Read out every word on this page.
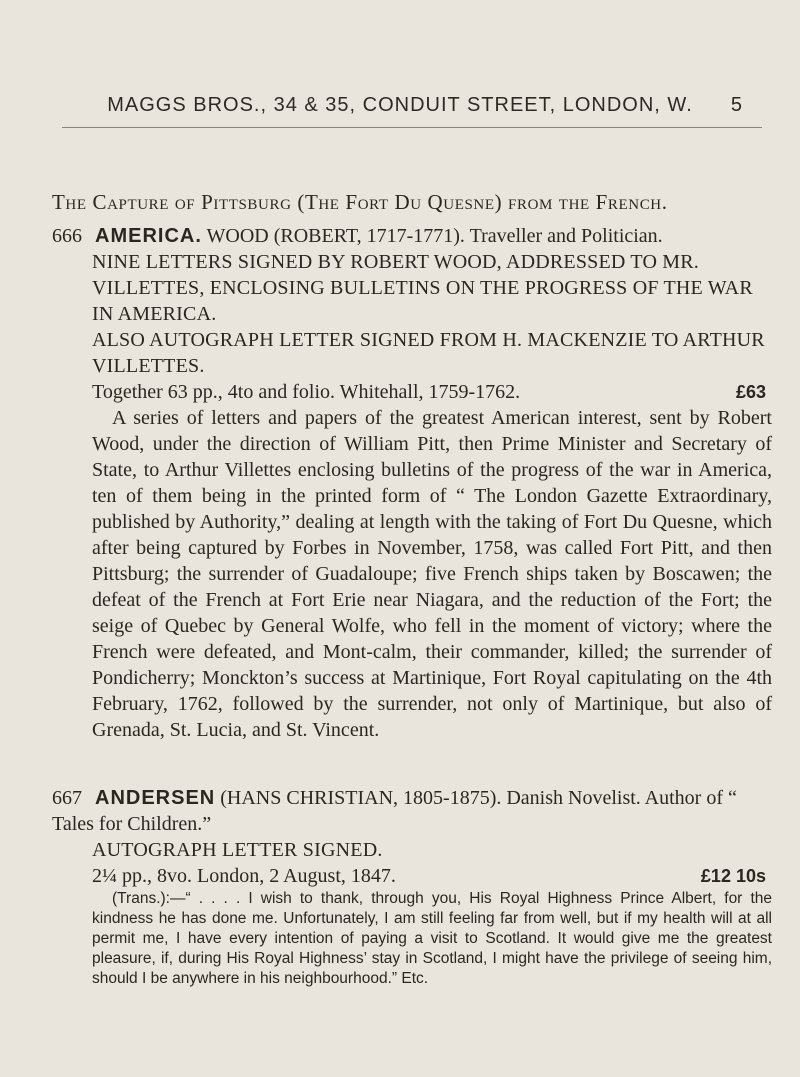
MAGGS BROS., 34 & 35, CONDUIT STREET, LONDON, W.	5
The Capture of Pittsburg (The Fort Du Quesne) from the French.
666 AMERICA. WOOD (ROBERT, 1717-1771). Traveller and Politician.
NINE LETTERS SIGNED BY ROBERT WOOD, ADDRESSED TO MR. VILLETTES, ENCLOSING BULLETINS ON THE PROGRESS OF THE WAR IN AMERICA.
ALSO AUTOGRAPH LETTER SIGNED FROM H. MACKENZIE TO ARTHUR VILLETTES.
Together 63 pp., 4to and folio. Whitehall, 1759-1762.	£63
A series of letters and papers of the greatest American interest, sent by Robert Wood, under the direction of William Pitt, then Prime Minister and Secretary of State, to Arthur Villettes enclosing bulletins of the progress of the war in America, ten of them being in the printed form of “ The London Gazette Extraordinary, published by Authority,” dealing at length with the taking of Fort Du Quesne, which after being captured by Forbes in November, 1758, was called Fort Pitt, and then Pittsburg; the surrender of Guadaloupe; five French ships taken by Boscawen; the defeat of the French at Fort Erie near Niagara, and the reduction of the Fort; the seige of Quebec by General Wolfe, who fell in the moment of victory; where the French were defeated, and Mont-calm, their commander, killed; the surrender of Pondicherry; Monckton’s success at Martinique, Fort Royal capitulating on the 4th February, 1762, followed by the surrender, not only of Martinique, but also of Grenada, St. Lucia, and St. Vincent.
667 ANDERSEN (HANS CHRISTIAN, 1805-1875). Danish Novelist. Author of “ Tales for Children.”
AUTOGRAPH LETTER SIGNED.
2¼ pp., 8vo. London, 2 August, 1847.	£12 10s
(Trans.):—“ . . . . I wish to thank, through you, His Royal Highness Prince Albert, for the kindness he has done me. Unfortunately, I am still feeling far from well, but if my health will at all permit me, I have every intention of paying a visit to Scotland. It would give me the greatest pleasure, if, during His Royal Highness’ stay in Scotland, I might have the privilege of seeing him, should I be anywhere in his neighbourhood.” Etc.
